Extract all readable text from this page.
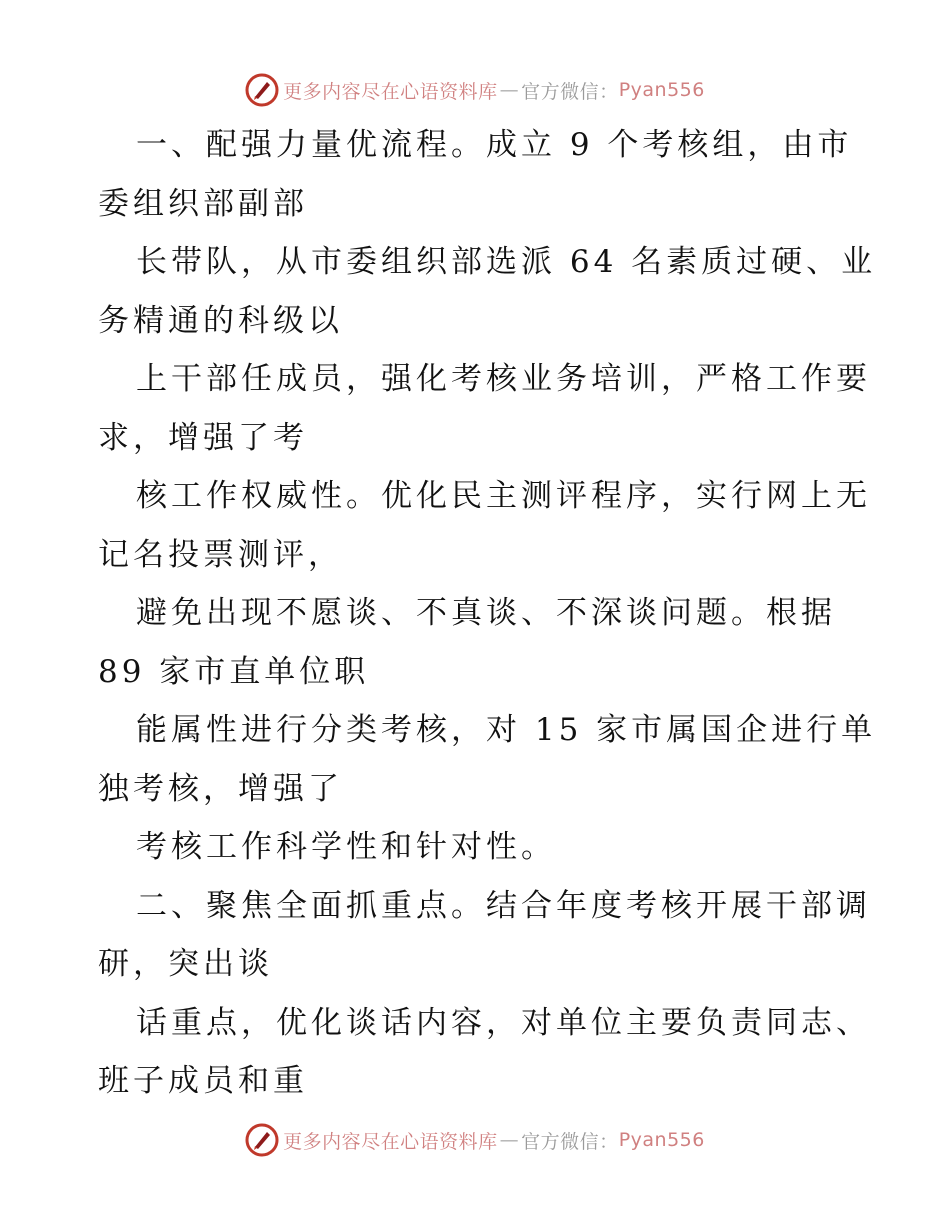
更多内容尽在心语资料库 — 官方微信： Pyan556
一、配强力量优流程。成立 9 个考核组，由市
委组织部副部
长带队，从市委组织部选派 64 名素质过硬、业
务精通的科级以
上干部任成员，强化考核业务培训，严格工作要
求，增强了考
核工作权威性。优化民主测评程序，实行网上无
记名投票测评，
避免出现不愿谈、不真谈、不深谈问题。根据
89 家市直单位职
能属性进行分类考核，对 15 家市属国企进行单
独考核，增强了
考核工作科学性和针对性。
二、聚焦全面抓重点。结合年度考核开展干部调
研，突出谈
话重点，优化谈话内容，对单位主要负责同志、
班子成员和重
更多内容尽在心语资料库 — 官方微信： Pyan556
